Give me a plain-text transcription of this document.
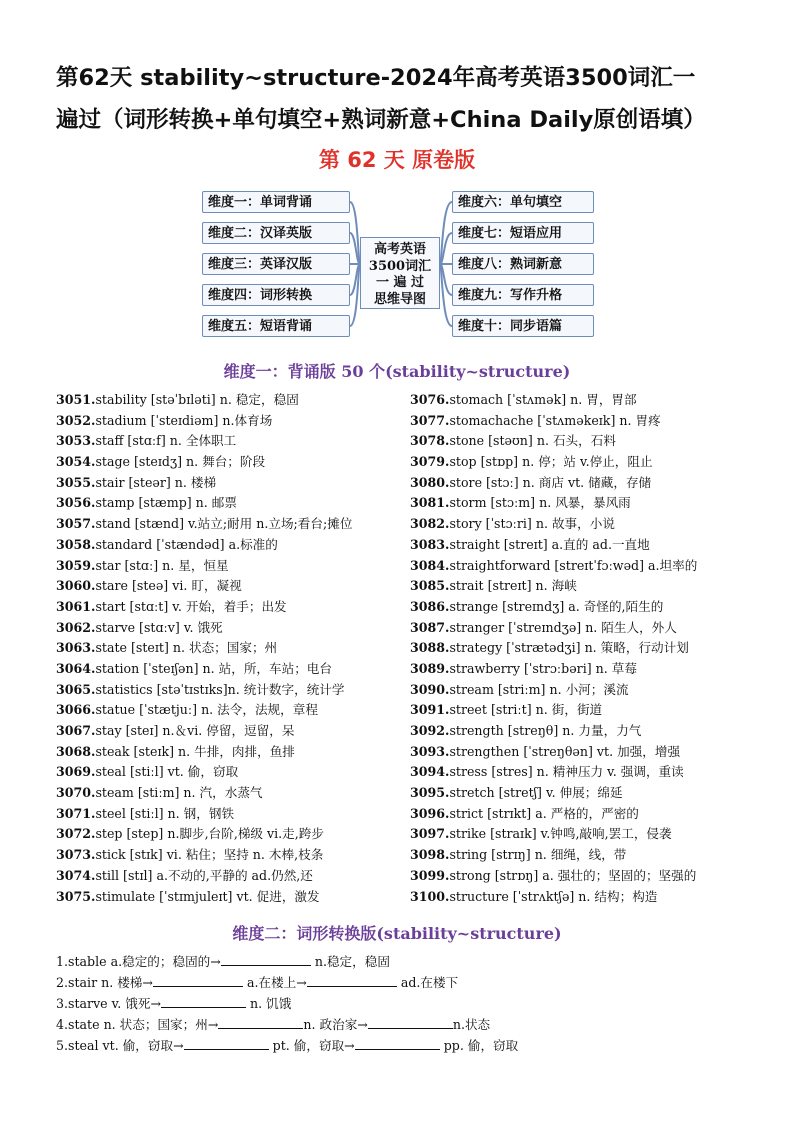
第62天 stability~structure-2024年高考英语3500词汇一
遍过（词形转换+单句填空+熟词新意+China Daily原创语填）
第 62 天 原卷版
维度一：单词背诵
维度二：汉译英版
维度三：英译汉版
维度四：词形转换
维度五：短语背诵
高考英语
3500词汇
一 遍 过
思维导图
维度六：单句填空
维度七：短语应用
维度八：熟词新意
维度九：写作升格
维度十：同步语篇
维度一：背诵版 50 个(stability~structure)
3051.stability [stəˈbɪləti] n. 稳定，稳固
3052.stadium [ˈsteɪdiəm] n.体育场
3053.staff [stɑːf] n. 全体职工
3054.stage [steɪdʒ] n. 舞台；阶段
3055.stair [steər] n. 楼梯
3056.stamp [stæmp] n. 邮票
3057.stand [stænd] v.站立;耐用 n.立场;看台;摊位
3058.standard [ˈstændəd] a.标准的
3059.star [stɑː] n. 星，恒星
3060.stare [steə] vi. 盯，凝视
3061.start [stɑːt] v. 开始，着手；出发
3062.starve [stɑːv] v. 饿死
3063.state [steɪt] n. 状态；国家；州
3064.station [ˈsteɪʃən] n. 站，所，车站；电台
3065.statistics [stəˈtɪstɪks]n. 统计数字，统计学
3066.statue [ˈstætjuː] n. 法令，法规，章程
3067.stay [steɪ] n.＆vi. 停留，逗留，呆
3068.steak [steɪk] n. 牛排，肉排，鱼排
3069.steal [stiːl] vt. 偷，窃取
3070.steam [stiːm] n. 汽，水蒸气
3071.steel [stiːl] n. 钢，钢铁
3072.step [step] n.脚步,台阶,梯级 vi.走,跨步
3073.stick [stɪk] vi. 粘住；坚持 n. 木棒,枝条
3074.still [stɪl] a.不动的,平静的 ad.仍然,还
3075.stimulate [ˈstɪmjuleɪt] vt. 促进，激发
3076.stomach [ˈstʌmək] n. 胃，胃部
3077.stomachache [ˈstʌməkeɪk] n. 胃疼
3078.stone [stəʊn] n. 石头，石料
3079.stop [stɒp] n. 停；站 v.停止，阻止
3080.store [stɔː] n. 商店 vt. 储藏，存储
3081.storm [stɔːm] n. 风暴，暴风雨
3082.story [ˈstɔːri] n. 故事，小说
3083.straight [streɪt] a.直的 ad.一直地
3084.straightforward [streɪtˈfɔːwəd] a.坦率的
3085.strait [streɪt] n. 海峡
3086.strange [streɪndʒ] a. 奇怪的,陌生的
3087.stranger [ˈstreɪndʒə] n. 陌生人，外人
3088.strategy [ˈstrætədʒi] n. 策略，行动计划
3089.strawberry [ˈstrɔːbəri] n. 草莓
3090.stream [striːm] n. 小河；溪流
3091.street [striːt] n. 街，街道
3092.strength [streŋθ] n. 力量，力气
3093.strengthen [ˈstreŋθən] vt. 加强，增强
3094.stress [stres] n. 精神压力 v. 强调，重读
3095.stretch [stretʃ] v. 伸展；绵延
3096.strict [strɪkt] a. 严格的，严密的
3097.strike [straɪk] v.钟鸣,敲响,罢工，侵袭
3098.string [strɪŋ] n. 细绳，线，带
3099.strong [strɒŋ] a. 强壮的；坚固的；坚强的
3100.structure [ˈstrʌktʃə] n. 结构；构造
维度二：词形转换版(stability~structure)
1.stable a.稳定的；稳固的→	n.稳定，稳固
2.stair n. 楼梯→	a.在楼上→	ad.在楼下
3.starve v. 饿死→	n. 饥饿
4.state n. 状态；国家；州→	n. 政治家→	n.状态
5.steal vt. 偷，窃取→	pt. 偷，窃取→	pp. 偷，窃取
